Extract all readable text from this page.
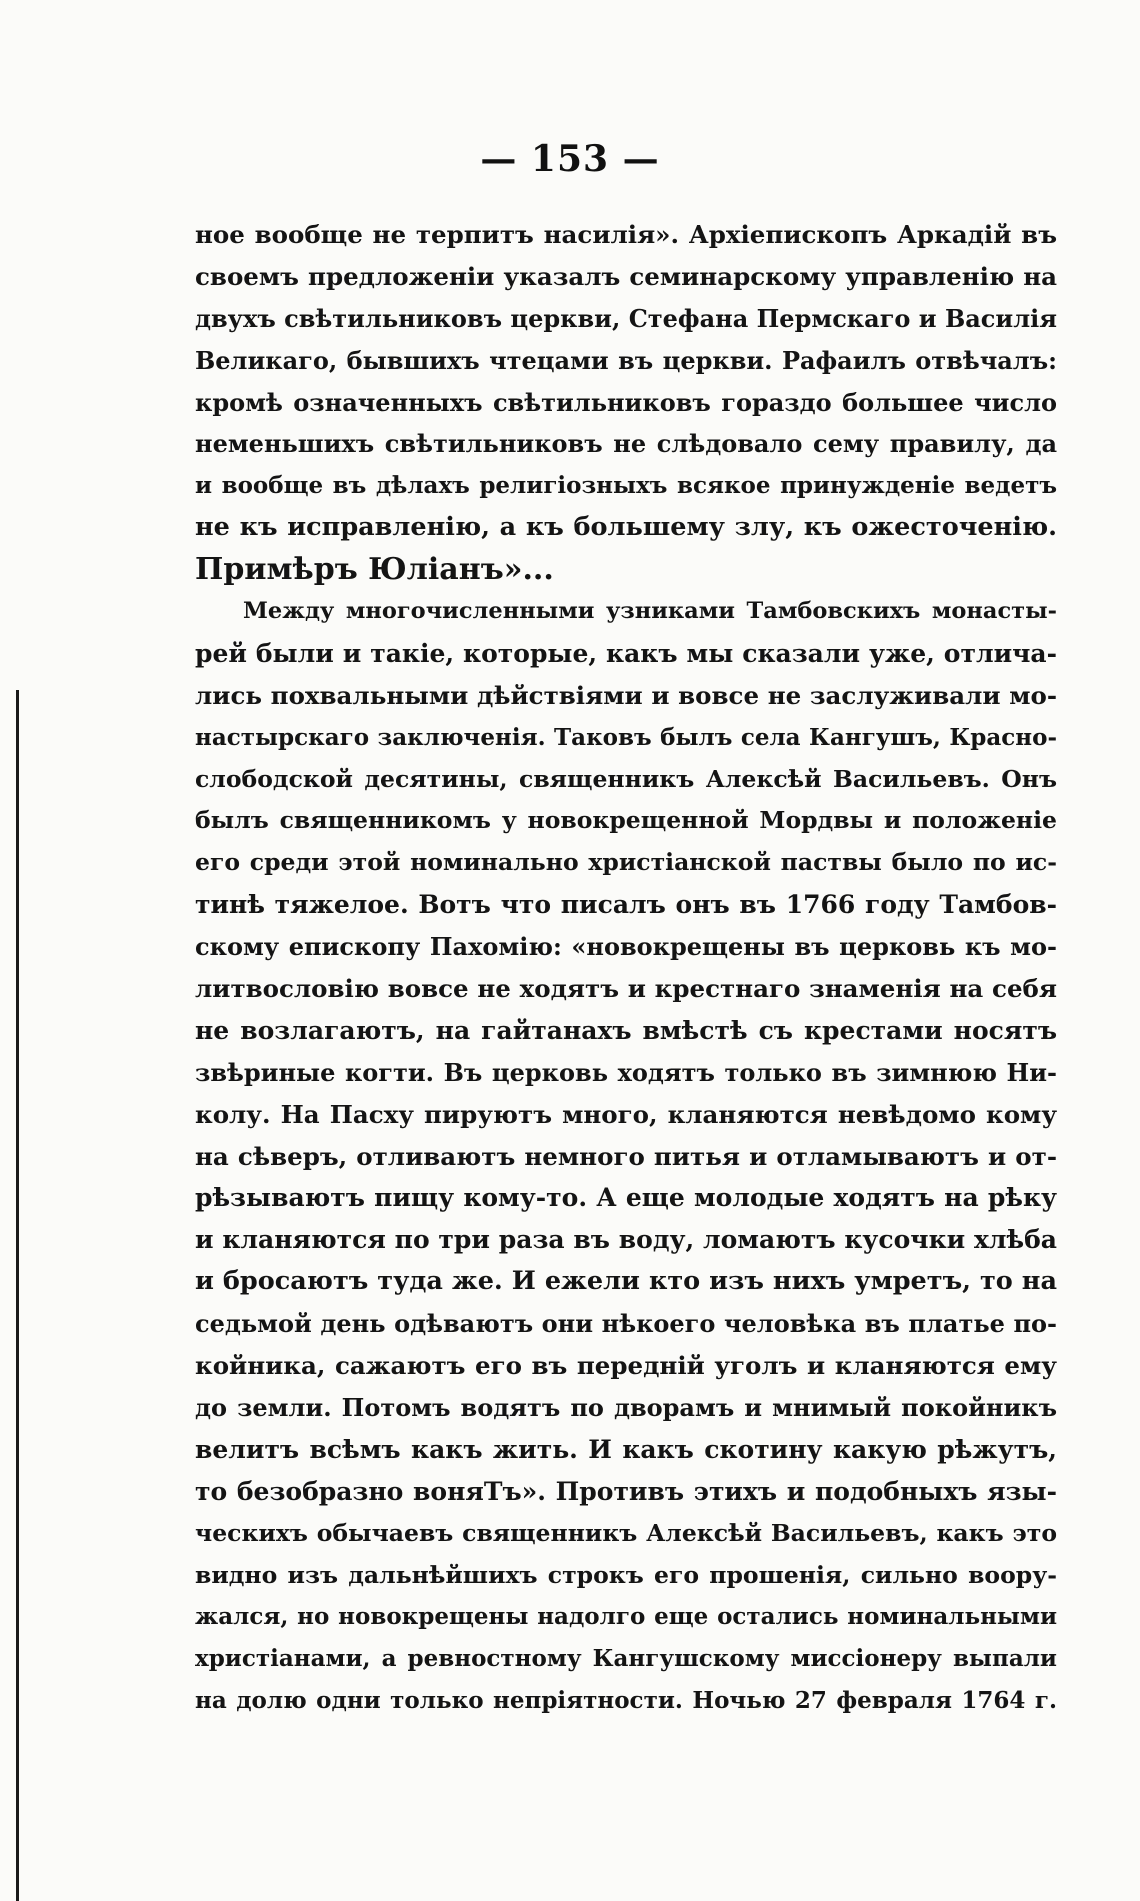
— 153 —
ное вообще не терпитъ насилія». Архіепископъ Аркадій въ
своемъ предложеніи указалъ семинарскому управленію на
двухъ свѣтильниковъ церкви, Стефана Пермскаго и Василія
Великаго, бывшихъ чтецами въ церкви. Рафаилъ отвѣчалъ:
кромѣ означенныхъ свѣтильниковъ гораздо большее число
неменьшихъ свѣтильниковъ не слѣдовало сему правилу, да
и вообще въ дѣлахъ религіозныхъ всякое принужденіе ведетъ
не къ исправленію, а къ большему злу, къ ожесточенію.
Примѣръ Юліанъ»...
Между многочисленными узниками Тамбовскихъ монасты-
рей были и такіе, которые, какъ мы сказали уже, отлича-
лись похвальными дѣйствіями и вовсе не заслуживали мо-
настырскаго заключенія. Таковъ былъ села Кангушъ, Красно-
слободской десятины, священникъ Алексѣй Васильевъ. Онъ
былъ священникомъ у новокрещенной Мордвы и положеніе
его среди этой номинально христіанской паствы было по ис-
тинѣ тяжелое. Вотъ что писалъ онъ въ 1766 году Тамбов-
скому епископу Пахомію: «новокрещены въ церковь къ мо-
литвословію вовсе не ходятъ и крестнаго знаменія на себя
не возлагаютъ, на гайтанахъ вмѣстѣ съ крестами носятъ
звѣриные когти. Въ церковь ходятъ только въ зимнюю Ни-
колу. На Пасху пируютъ много, кланяются невѣдомо кому
на сѣверъ, отливаютъ немного питья и отламываютъ и от-
рѣзываютъ пищу кому-то. А еще молодые ходятъ на рѣку
и кланяются по три раза въ воду, ломаютъ кусочки хлѣба
и бросаютъ туда же. И ежели кто изъ нихъ умретъ, то на
седьмой день одѣваютъ они нѣкоего человѣка въ платье по-
койника, сажаютъ его въ передній уголъ и кланяются ему
до земли. Потомъ водятъ по дворамъ и мнимый покойникъ
велитъ всѣмъ какъ жить. И какъ скотину какую рѣжутъ,
то безобразно воняТъ». Противъ этихъ и подобныхъ язы-
ческихъ обычаевъ священникъ Алексѣй Васильевъ, какъ это
видно изъ дальнѣйшихъ строкъ его прошенія, сильно воору-
жался, но новокрещены надолго еще остались номинальными
христіанами, а ревностному Кангушскому миссіонеру выпали
на долю одни только непріятности. Ночью 27 февраля 1764 г.
